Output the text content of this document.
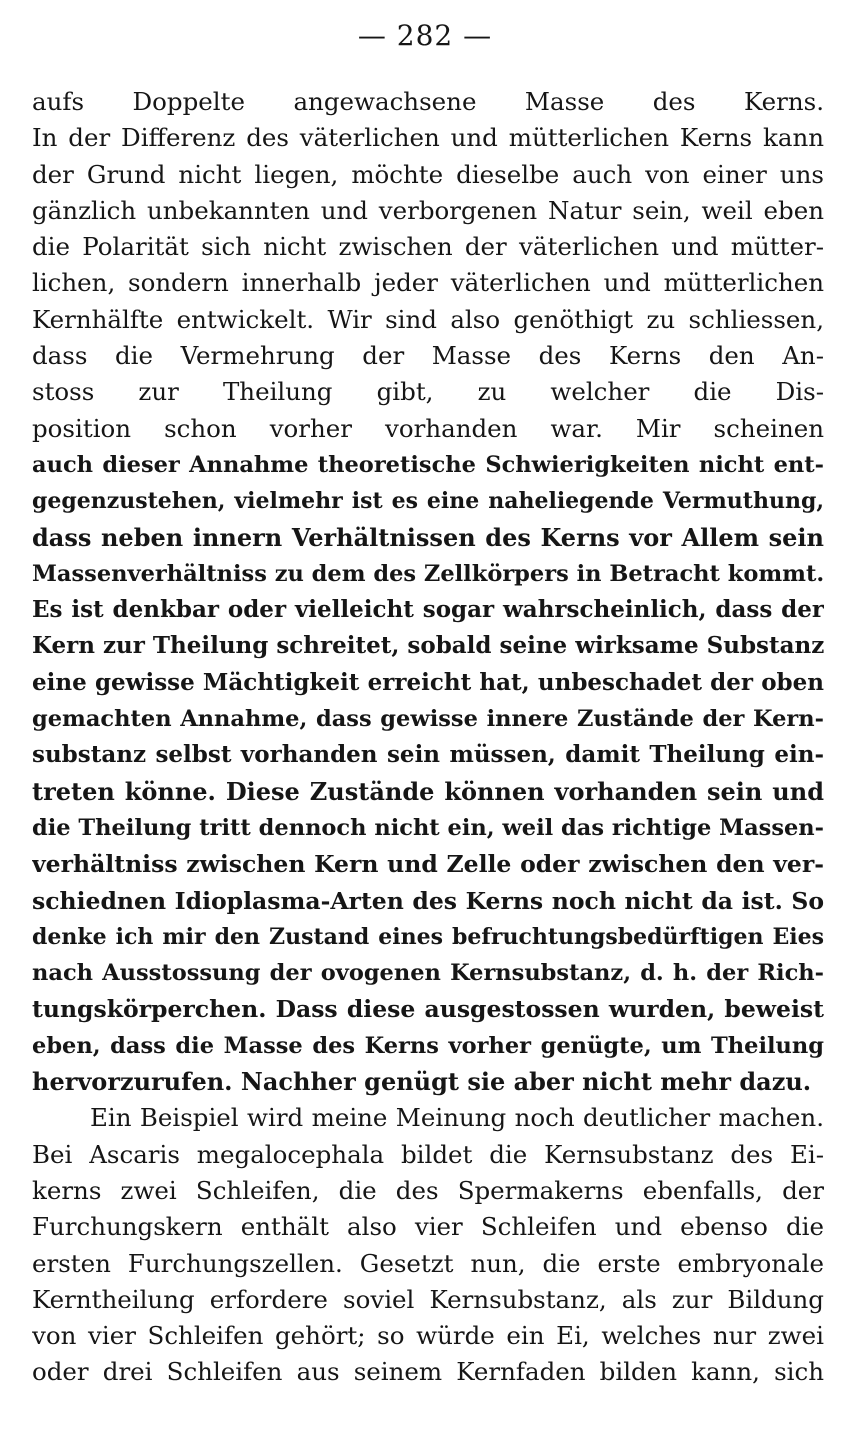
— 282 —
aufs Doppelte angewachsene Masse des Kerns.
In der Differenz des väterlichen und mütterlichen Kerns kann
der Grund nicht liegen, möchte dieselbe auch von einer uns
gänzlich unbekannten und verborgenen Natur sein, weil eben
die Polarität sich nicht zwischen der väterlichen und mütter-
lichen, sondern innerhalb jeder väterlichen und mütterlichen
Kernhälfte entwickelt. Wir sind also genöthigt zu schliessen,
dass die Vermehrung der Masse des Kerns den An-
stoss zur Theilung gibt, zu welcher die Dis-
position schon vorher vorhanden war. Mir scheinen
auch dieser Annahme theoretische Schwierigkeiten nicht ent-
gegenzustehen, vielmehr ist es eine naheliegende Vermuthung,
dass neben innern Verhältnissen des Kerns vor Allem sein
Massenverhältniss zu dem des Zellkörpers in Betracht kommt.
Es ist denkbar oder vielleicht sogar wahrscheinlich, dass der
Kern zur Theilung schreitet, sobald seine wirksame Substanz
eine gewisse Mächtigkeit erreicht hat, unbeschadet der oben
gemachten Annahme, dass gewisse innere Zustände der Kern-
substanz selbst vorhanden sein müssen, damit Theilung ein-
treten könne. Diese Zustände können vorhanden sein und
die Theilung tritt dennoch nicht ein, weil das richtige Massen-
verhältniss zwischen Kern und Zelle oder zwischen den ver-
schiednen Idioplasma-Arten des Kerns noch nicht da ist. So
denke ich mir den Zustand eines befruchtungsbedürftigen Eies
nach Ausstossung der ovogenen Kernsubstanz, d. h. der Rich-
tungskörperchen. Dass diese ausgestossen wurden, beweist
eben, dass die Masse des Kerns vorher genügte, um Theilung
hervorzurufen. Nachher genügt sie aber nicht mehr dazu.
Ein Beispiel wird meine Meinung noch deutlicher machen.
Bei Ascaris megalocephala bildet die Kernsubstanz des Ei-
kerns zwei Schleifen, die des Spermakerns ebenfalls, der
Furchungskern enthält also vier Schleifen und ebenso die
ersten Furchungszellen. Gesetzt nun, die erste embryonale
Kerntheilung erfordere soviel Kernsubstanz, als zur Bildung
von vier Schleifen gehört; so würde ein Ei, welches nur zwei
oder drei Schleifen aus seinem Kernfaden bilden kann, sich
